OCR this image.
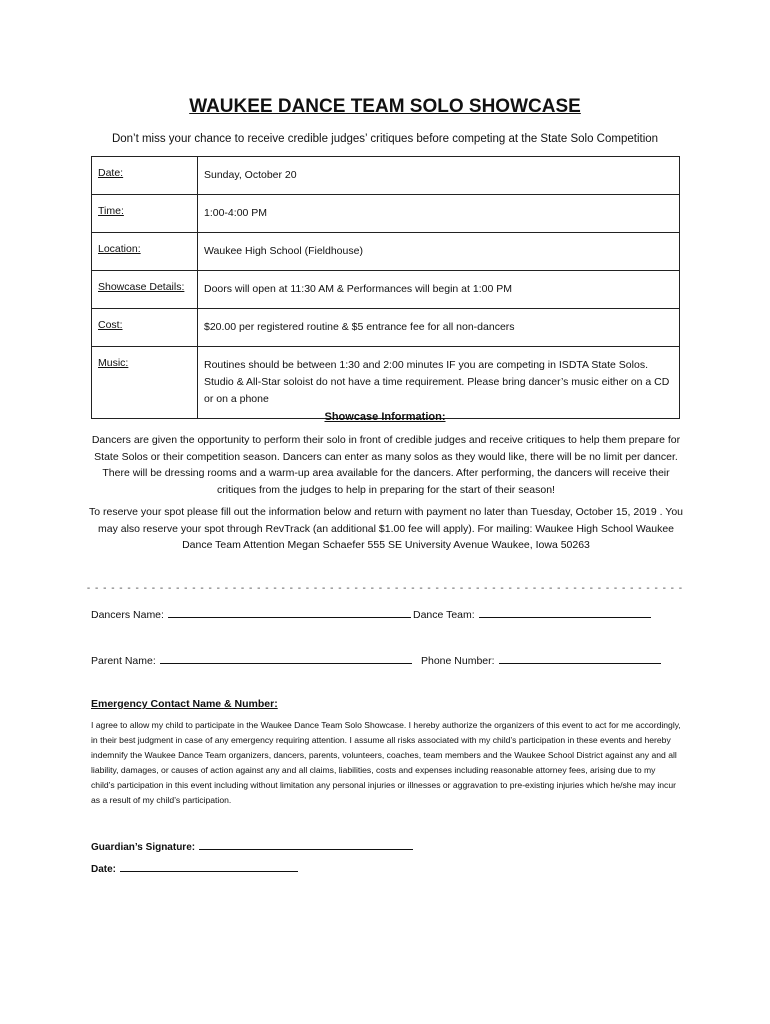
WAUKEE DANCE TEAM SOLO SHOWCASE
Don’t miss your chance to receive credible judges’ critiques before competing at the State Solo Competition
Date:	Sunday, October 20
Time:	1:00-4:00 PM
Location:	Waukee High School (Fieldhouse)
Showcase Details:	Doors will open at 11:30 AM & Performances will begin at 1:00 PM
Cost:	$20.00 per registered routine & $5 entrance fee for all non-dancers
Music:	Routines should be between 1:30 and 2:00 minutes IF you are competing in ISDTA State Solos. Studio & All-Star soloist do not have a time requirement. Please bring dancer’s music either on a CD or on a phone
Showcase Information:
Dancers are given the opportunity to perform their solo in front of credible judges and receive critiques to help them prepare for State Solos or their competition season. Dancers can enter as many solos as they would like, there will be no limit per dancer. There will be dressing rooms and a warm-up area available for the dancers. After performing, the dancers will receive their critiques from the judges to help in preparing for the start of their season!
To reserve your spot please fill out the information below and return with payment no later than Tuesday, October 15, 2019 . You may also reserve your spot through RevTrack (an additional $1.00 fee will apply). For mailing: Waukee High School Waukee Dance Team Attention Megan Schaefer 555 SE University Avenue Waukee, Iowa 50263
- - - - - - - - - - - - - - - - - - - - - - - - - - - - - - - - - - - - - - - - - - - - - - - - - - - - - - - - - - - - - - - - - - - - - - - - - -
Dancers Name:	Dance Team:
Parent Name:	Phone Number:
Emergency Contact Name & Number:
I agree to allow my child to participate in the Waukee Dance Team Solo Showcase. I hereby authorize the organizers of this event to act for me accordingly, in their best judgment in case of any emergency requiring attention. I assume all risks associated with my child’s participation in these events and hereby indemnify the Waukee Dance Team organizers, dancers, parents, volunteers, coaches, team members and the Waukee School District against any and all liability, damages, or causes of action against any and all claims, liabilities, costs and expenses including reasonable attorney fees, arising due to my child’s participation in this event including without limitation any personal injuries or illnesses or aggravation to pre-existing injuries which he/she may incur as a result of my child’s participation.
Guardian’s Signature:
Date:
